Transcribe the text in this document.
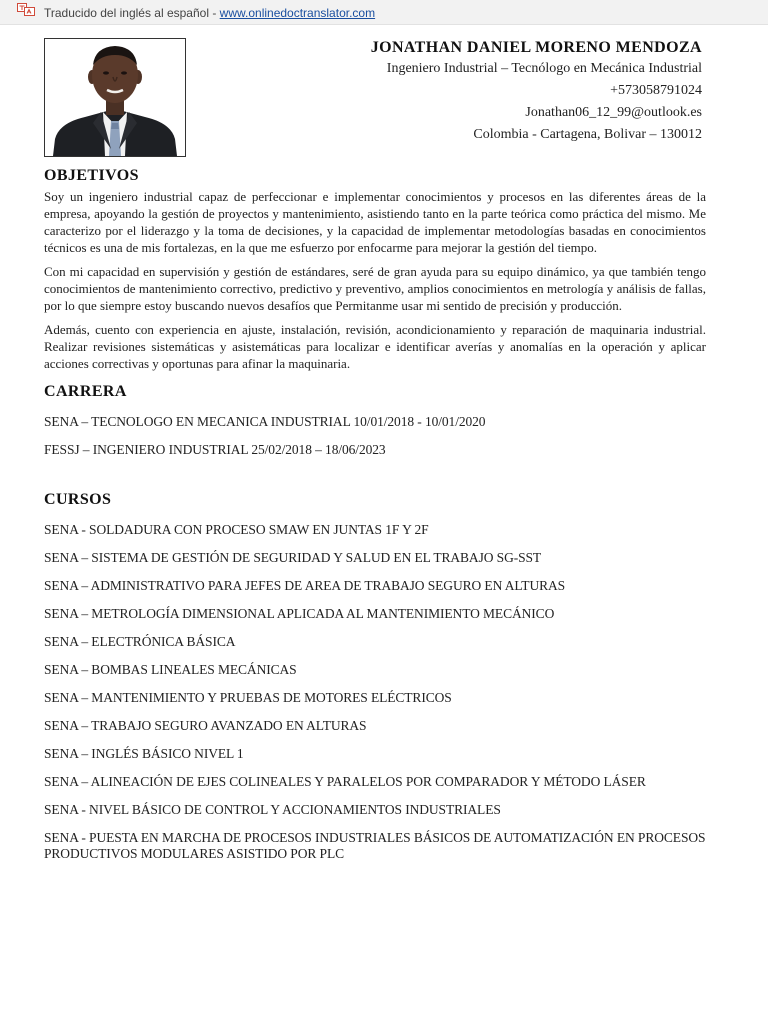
Traducido del inglés al español - www.onlinedoctranslator.com
JONATHAN DANIEL MORENO MENDOZA
Ingeniero Industrial – Tecnólogo en Mecánica Industrial
+573058791024
Jonathan06_12_99@outlook.es
Colombia - Cartagena, Bolivar – 130012
OBJETIVOS

Soy un ingeniero industrial capaz de perfeccionar e implementar conocimientos y procesos en las diferentes áreas de la empresa, apoyando la gestión de proyectos y mantenimiento, asistiendo tanto en la parte teórica como práctica del mismo. Me caracterizo por el liderazgo y la toma de decisiones, y la capacidad de implementar metodologías basadas en conocimientos técnicos es una de mis fortalezas, en la que me esfuerzo por enfocarme para mejorar la gestión del tiempo.

Con mi capacidad en supervisión y gestión de estándares, seré de gran ayuda para su equipo dinámico, ya que también tengo conocimientos de mantenimiento correctivo, predictivo y preventivo, amplios conocimientos en metrología y análisis de fallas, por lo que siempre estoy buscando nuevos desafíos que Permitanme usar mi sentido de precisión y producción.

Además, cuento con experiencia en ajuste, instalación, revisión, acondicionamiento y reparación de maquinaria industrial. Realizar revisiones sistemáticas y asistemáticas para localizar e identificar averías y anomalías en la operación y aplicar acciones correctivas y oportunas para afinar la maquinaria.

CARRERA
SENA – TECNOLOGO EN MECANICA INDUSTRIAL 10/01/2018 - 10/01/2020
FESSJ – INGENIERO INDUSTRIAL 25/02/2018 – 18/06/2023
CURSOS
SENA - SOLDADURA CON PROCESO SMAW EN JUNTAS 1F Y 2F
SENA – SISTEMA DE GESTIÓN DE SEGURIDAD Y SALUD EN EL TRABAJO SG-SST
SENA – ADMINISTRATIVO PARA JEFES DE AREA DE TRABAJO SEGURO EN ALTURAS
SENA – METROLOGÍA DIMENSIONAL APLICADA AL MANTENIMIENTO MECÁNICO
SENA – ELECTRÓNICA BÁSICA
SENA – BOMBAS LINEALES MECÁNICAS
SENA – MANTENIMIENTO Y PRUEBAS DE MOTORES ELÉCTRICOS
SENA – TRABAJO SEGURO AVANZADO EN ALTURAS
SENA – INGLÉS BÁSICO NIVEL 1
SENA – ALINEACIÓN DE EJES COLINEALES Y PARALELOS POR COMPARADOR Y MÉTODO LÁSER
SENA - NIVEL BÁSICO DE CONTROL Y ACCIONAMIENTOS INDUSTRIALES
SENA - PUESTA EN MARCHA DE PROCESOS INDUSTRIALES BÁSICOS DE AUTOMATIZACIÓN EN PROCESOS PRODUCTIVOS MODULARES ASISTIDO POR PLC
